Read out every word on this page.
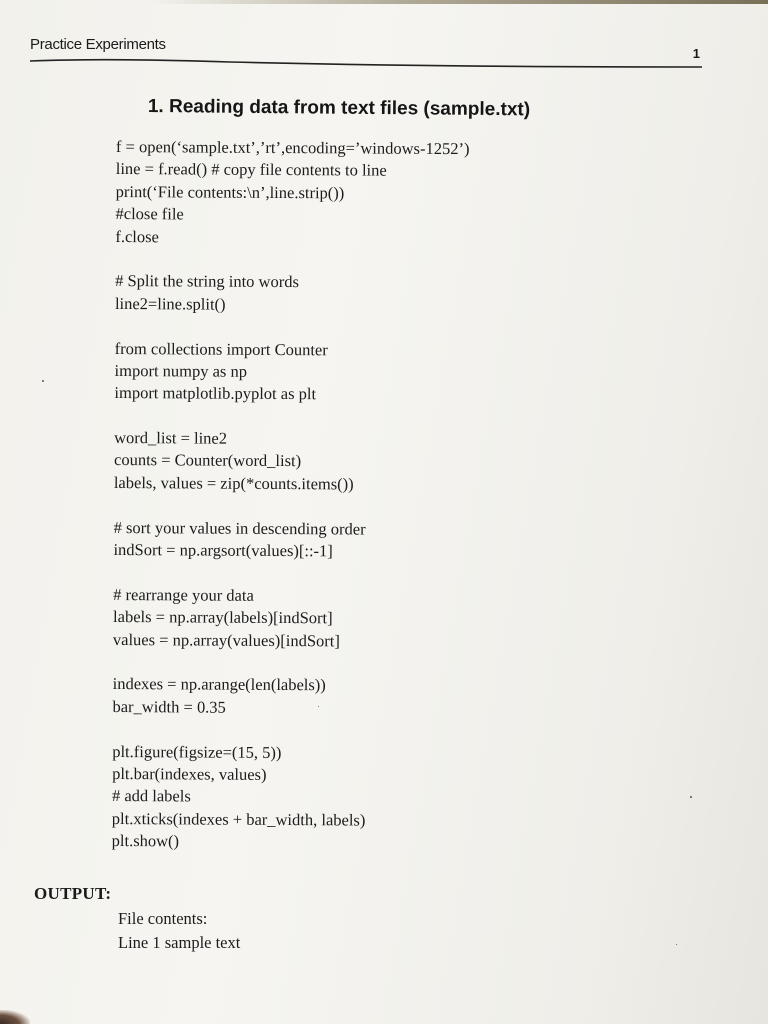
Practice Experiments
1
1. Reading data from text files (sample.txt)
f = open(‘sample.txt’,’rt’,encoding=’windows-1252’)
line = f.read() # copy file contents to line
print(‘File contents:\n’,line.strip())
#close file
f.close
# Split the string into words
line2=line.split()
from collections import Counter
import numpy as np
import matplotlib.pyplot as plt
word_list = line2
counts = Counter(word_list)
labels, values = zip(*counts.items())
# sort your values in descending order
indSort = np.argsort(values)[::-1]
# rearrange your data
labels = np.array(labels)[indSort]
values = np.array(values)[indSort]
indexes = np.arange(len(labels))
bar_width = 0.35
plt.figure(figsize=(15, 5))
plt.bar(indexes, values)
# add labels
plt.xticks(indexes + bar_width, labels)
plt.show()
OUTPUT:
File contents:
Line 1 sample text
